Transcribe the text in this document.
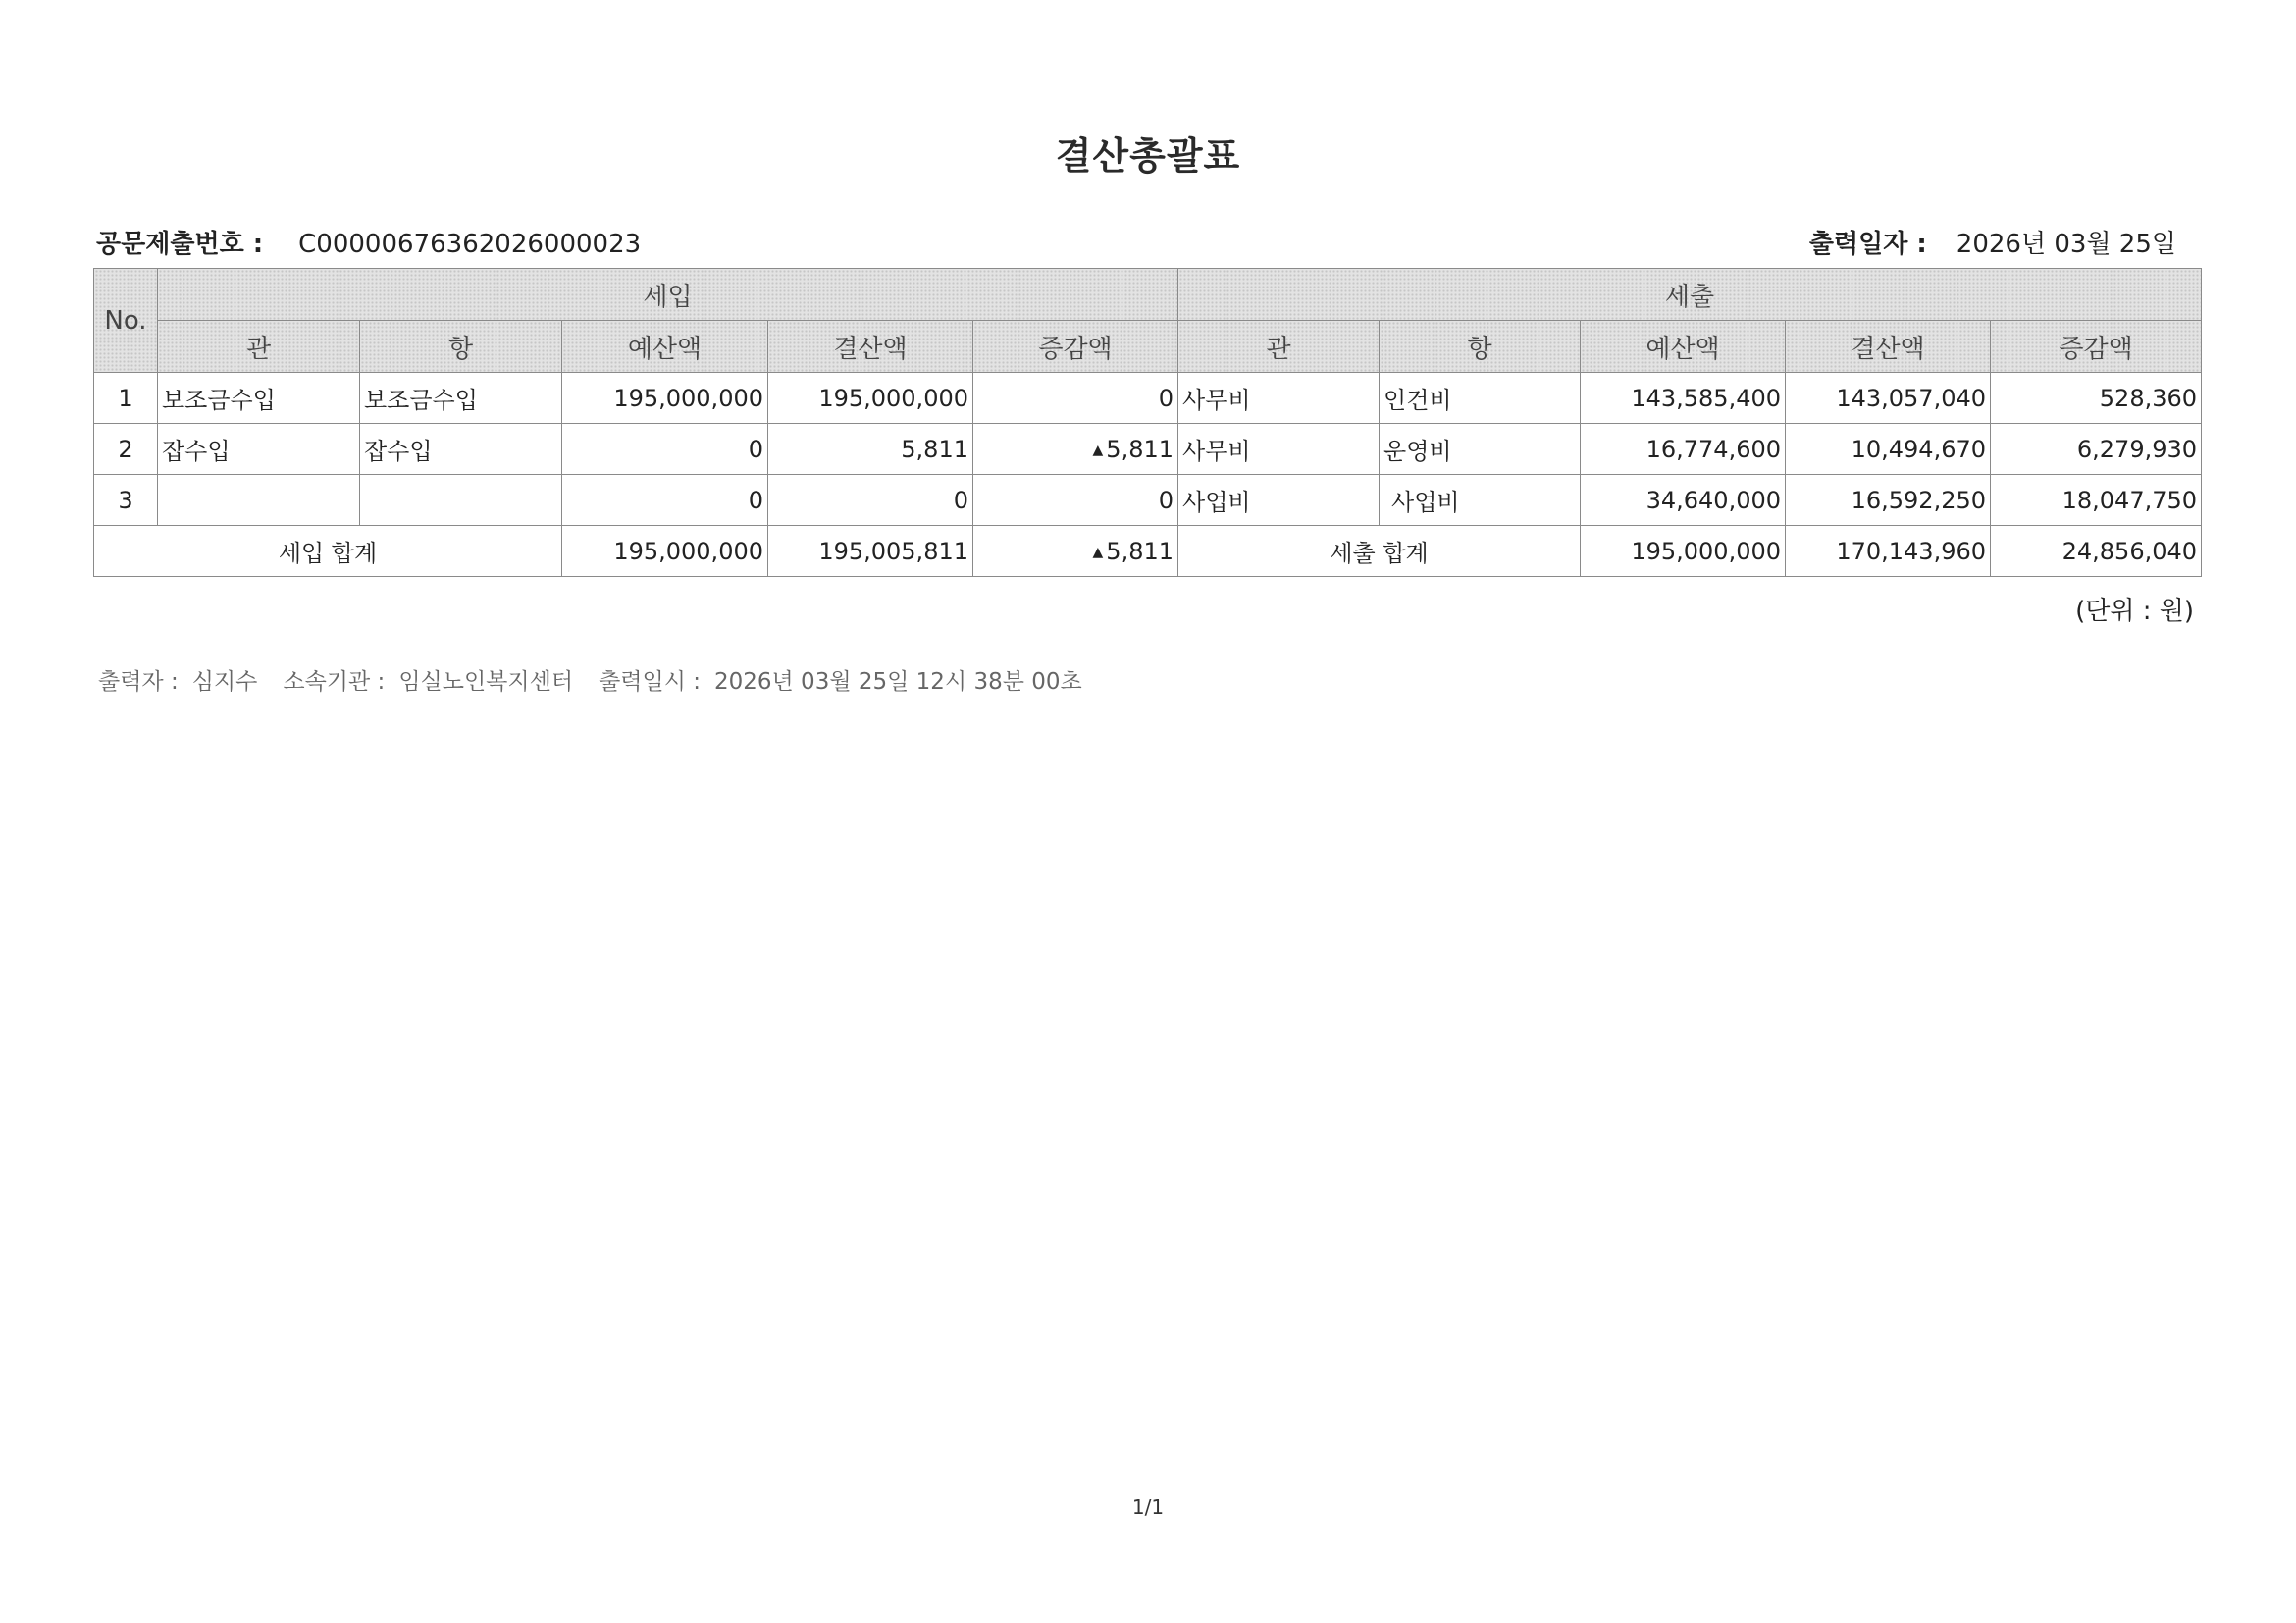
결산총괄표
공문제출번호 : C00000676362026000023	출력일자 : 2026년 03월 25일
No.	세입					세출				
	관	항	예산액	결산액	증감액	관	항	예산액	결산액	증감액
1	보조금수입	보조금수입	195,000,000	195,000,000	0	사무비	인건비	143,585,400	143,057,040	528,360
2	잡수입	잡수입	0	5,811	▲ 5,811	사무비	운영비	16,774,600	10,494,670	6,279,930
3			0	0	0	사업비	사업비	34,640,000	16,592,250	18,047,750
세입 합계			195,000,000	195,005,811	▲ 5,811	세출 합계		195,000,000	170,143,960	24,856,040
(단위 : 원)
출력자 : 심지수 소속기관 : 임실노인복지센터 출력일시 : 2026년 03월 25일 12시 38분 00초
1/1
